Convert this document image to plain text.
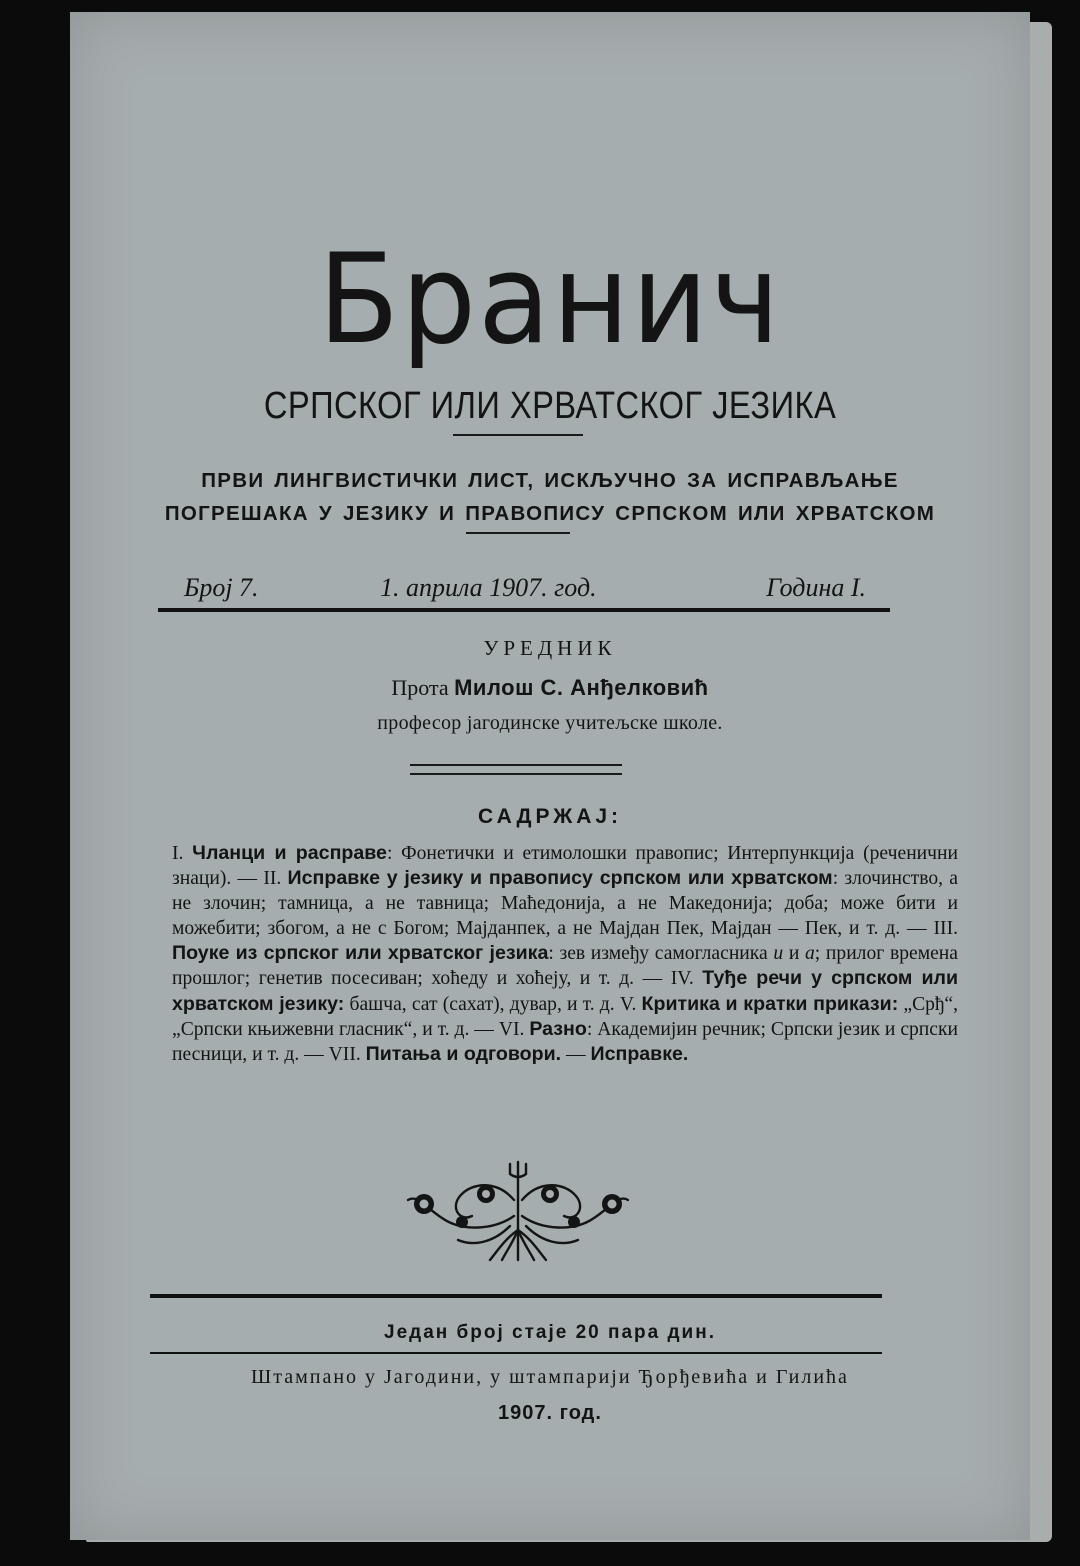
Бранич
СРПСКОГ ИЛИ ХРВАТСКОГ ЈЕЗИКА
ПРВИ ЛИНГВИСТИЧКИ ЛИСТ, ИСКЉУЧНО ЗА ИСПРАВЉАЊЕ
ПОГРЕШАКА У ЈЕЗИКУ И ПРАВОПИСУ СРПСКОМ ИЛИ ХРВАТСКОМ
Број 7.	1. априла 1907. год.	Година I.
УРЕДНИК
Прота Милош С. Анђелковић
професор јагодинске учитељске школе.
САДРЖАЈ:
I. Чланци и расправе: Фонетички и етимолошки правопис; Интерпункција (реченични знаци). — II. Исправке у језику и правопису српском или хрватском: злочинство, а не злочин; тамница, а не тавница; Маћедонија, а не Македонија; доба; може бити и можебити; збогом, а не с Богом; Мајданпек, а не Мајдан Пек, Мајдан — Пек, и т. д. — III. Поуке из српског или хрватског језика: зев између самогласника и и а; прилог времена прошлог; генетив посесиван; хоћеду и хоћеју, и т. д. — IV. Туђе речи у српском или хрватском језику: башча, сат (сахат), дувар, и т. д. V. Критика и кратки прикази: „Срђ“, „Српски књижевни гласник“, и т. д. — VI. Разно: Академијин речник; Српски језик и српски песници, и т. д. — VII. Питања и одговори. — Исправке.
Један број стаје 20 пара дин.
Штампано у Јагодини, у штампарији Ђорђевића и Гилића
1907. год.
